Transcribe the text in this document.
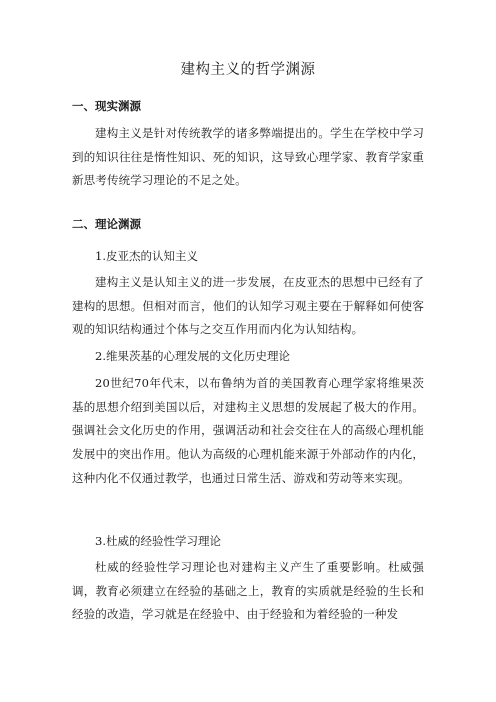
建构主义的哲学渊源
一、现实渊源
建构主义是针对传统教学的诸多弊端提出的。学生在学校中学习到的知识往往是惰性知识、死的知识，这导致心理学家、教育学家重新思考传统学习理论的不足之处。
二、理论渊源
1.皮亚杰的认知主义
建构主义是认知主义的进一步发展，在皮亚杰的思想中已经有了建构的思想。但相对而言，他们的认知学习观主要在于解释如何使客观的知识结构通过个体与之交互作用而内化为认知结构。
2.维果茨基的心理发展的文化历史理论
20世纪70年代末，以布鲁纳为首的美国教育心理学家将维果茨基的思想介绍到美国以后，对建构主义思想的发展起了极大的作用。强调社会文化历史的作用，强调活动和社会交往在人的高级心理机能发展中的突出作用。他认为高级的心理机能来源于外部动作的内化，这种内化不仅通过教学，也通过日常生活、游戏和劳动等来实现。
3.杜威的经验性学习理论
杜威的经验性学习理论也对建构主义产生了重要影响。杜威强调，教育必须建立在经验的基础之上，教育的实质就是经验的生长和经验的改造，学习就是在经验中、由于经验和为着经验的一种发
